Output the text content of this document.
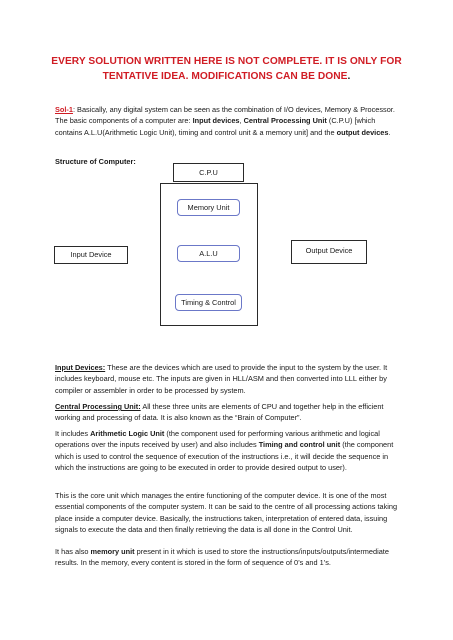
EVERY SOLUTION WRITTEN HERE IS NOT COMPLETE. IT IS ONLY FOR
TENTATIVE IDEA. MODIFICATIONS CAN BE DONE.

Sol-1: Basically, any digital system can be seen as the combination of I/O devices, Memory & Processor. The basic components of a computer are: Input devices, Central Processing Unit (C.P.U) [which contains A.L.U(Arithmetic Logic Unit), timing and control unit & a memory unit] and the output devices.

Structure of Computer:

C.P.U
Memory Unit
A.L.U
Timing & Control
Input Device	Output Device

Input Devices: These are the devices which are used to provide the input to the system by the user. It includes keyboard, mouse etc. The inputs are given in HLL/ASM and then converted into LLL either by compiler or assembler in order to be processed by system.

Central Processing Unit: All these three units are elements of CPU and together help in the efficient working and processing of data. It is also known as the “Brain of Computer”.

It includes Arithmetic Logic Unit (the component used for performing various arithmetic and logical operations over the inputs received by user) and also includes Timing and control unit (the component which is used to control the sequence of execution of the instructions i.e., it will decide the sequence in which the instructions are going to be executed in order to provide desired output to user).

This is the core unit which manages the entire functioning of the computer device. It is one of the most essential components of the computer system. It can be said to the centre of all processing actions taking place inside a computer device. Basically, the instructions taken, interpretation of entered data, issuing signals to execute the data and then finally retrieving the data is all done in the Control Unit.

It has also memory unit present in it which is used to store the instructions/inputs/outputs/intermediate results. In the memory, every content is stored in the form of sequence of 0’s and 1’s.
